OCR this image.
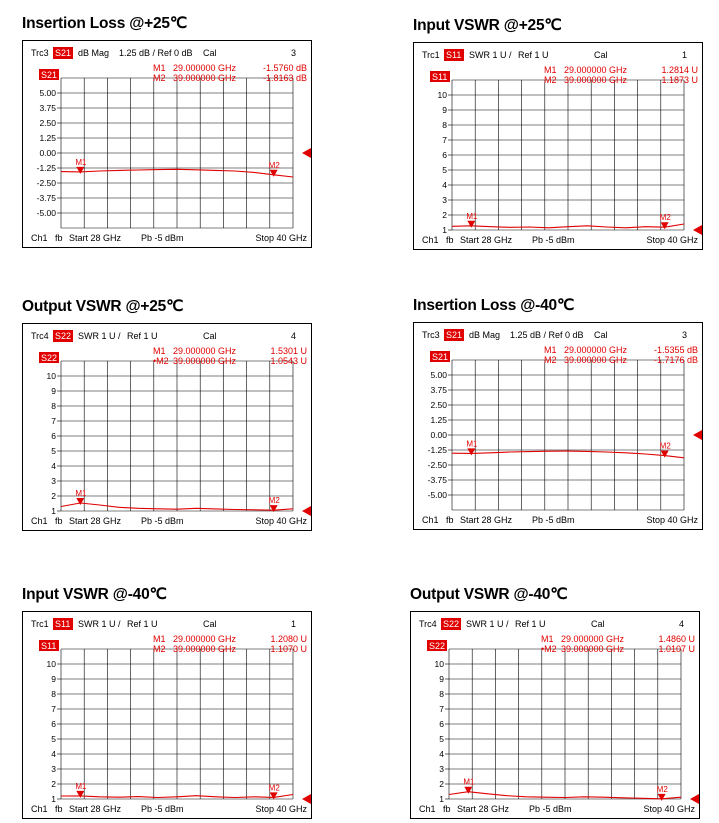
Insertion Loss @+25℃
Trc3 S21 dB Mag 1.25 dB / Ref 0 dB Cal	3
5.00
3.75
2.50
1.25
0.00
-1.25
-2.50
-3.75
-5.00
S21
M1 29.000000 GHz	-1.5760 dB
M2 39.000000 GHz	-1.8163 dB
M1	M2
Ch1 fb Start 28 GHz Pb -5 dBm	Stop 40 GHz
Input VSWR @+25℃
Trc1 S11 SWR 1 U / Ref 1 U	Cal	1
10
9
8
7
6
5
4
3
2
1
S11
M1 29.000000 GHz	1.2814 U
M2 39.000000 GHz	1.1873 U
M1	M2
Ch1 fb Start 28 GHz Pb -5 dBm	Stop 40 GHz
Output VSWR @+25℃
Trc4 S22 SWR 1 U / Ref 1 U	Cal	4
10
9
8
7
6
5
4
3
2
1
S22
M1 29.000000 GHz	1.5301 U
•M2 39.000000 GHz	1.0543 U
M1
M2
Ch1 fb Start 28 GHz Pb -5 dBm	Stop 40 GHz
Insertion Loss @-40℃
Trc3 S21 dB Mag 1.25 dB / Ref 0 dB Cal	3
5.00
3.75
2.50
1.25
0.00
-1.25
-2.50
-3.75
-5.00
S21
M1 29.000000 GHz	-1.5355 dB
M2 39.000000 GHz	-1.7176 dB
M1	M2
Ch1 fb Start 28 GHz Pb -5 dBm	Stop 40 GHz
Input VSWR @-40℃
Trc1 S11 SWR 1 U / Ref 1 U	Cal	1
10
9
8
7
6
5
4
3
2
1
S11
M1 29.000000 GHz	1.2080 U
M2 39.000000 GHz	1.1070 U
M1	M2
Ch1 fb Start 28 GHz Pb -5 dBm	Stop 40 GHz
Output VSWR @-40℃
Trc4 S22 SWR 1 U / Ref 1 U	Cal	4
10
9
8
7
6
5
4
3
2
1
S22
M1 29.000000 GHz	1.4860 U
•M2 39.000000 GHz	1.0107 U
M1
M2
Ch1 fb Start 28 GHz Pb -5 dBm	Stop 40 GHz
